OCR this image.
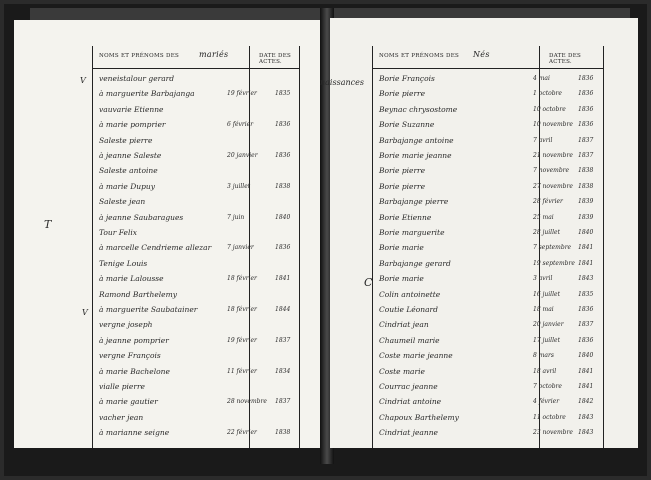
NOMS ET PRÉNOMS DES mariés	DATE DES ACTES.
veneistalour gerard
à marguerite Barbajanga	19 février	1835
vauvarie Etienne
à marie pomprier	6 février	1836
Saleste pierre
à jeanne Saleste	20 janvier	1836
Saleste antoine
à marie Dupuy	3 juillet	1838
Saleste jean
à jeanne Saubaragues	7 juin	1840
Tour Felix
à marcelle Cendrieme allezar	7 janvier	1836
Tenige Louis
à marie Lalousse	18 février	1841
Ramond Barthelemy
à marguerite Saubatainer	18 février	1844
vergne joseph
à jeanne pomprier	19 février	1837
vergne François
à marie Bachelone	11 février	1834
vialle pierre
à marie gautier	28 novembre 1837
vacher jean
à marianne seigne	22 février	1838
V
T
V
naissances
C
NOMS ET PRÉNOMS DES Nés	DATE DES ACTES.
Borie François	4 mai	1836
Borie pierre	1 octobre	1836
Beynac chrysostome	10 octobre 1836
Borie Suzanne	10 novembre 1836
Barbajange antoine	7 avril	1837
Borie marie jeanne	21 novembre 1837
Borie pierre	7 novembre 1838
Borie pierre	27 novembre 1838
Barbajange pierre	28 février	1839
Borie Etienne	25 mai	1839
Borie marguerite	28 juillet	1840
Borie marie	7 septembre 1841
Barbajange gerard	19 septembre 1841
Borie marie	3 avril	1843
Colin antoinette	16 juillet	1835
Coutie Léonard	18 mai	1836
Cindriat jean	20 janvier 1837
Chaumeil marie	17 juillet	1836
Coste marie jeanne	8 mars	1840
Coste marie	18 avril	1841
Courrac jeanne	7 octobre	1841
Cindriat antoine	4 février	1842
Chapoux Barthelemy	11 octobre 1843
Cindriat jeanne	23 novembre 1843
